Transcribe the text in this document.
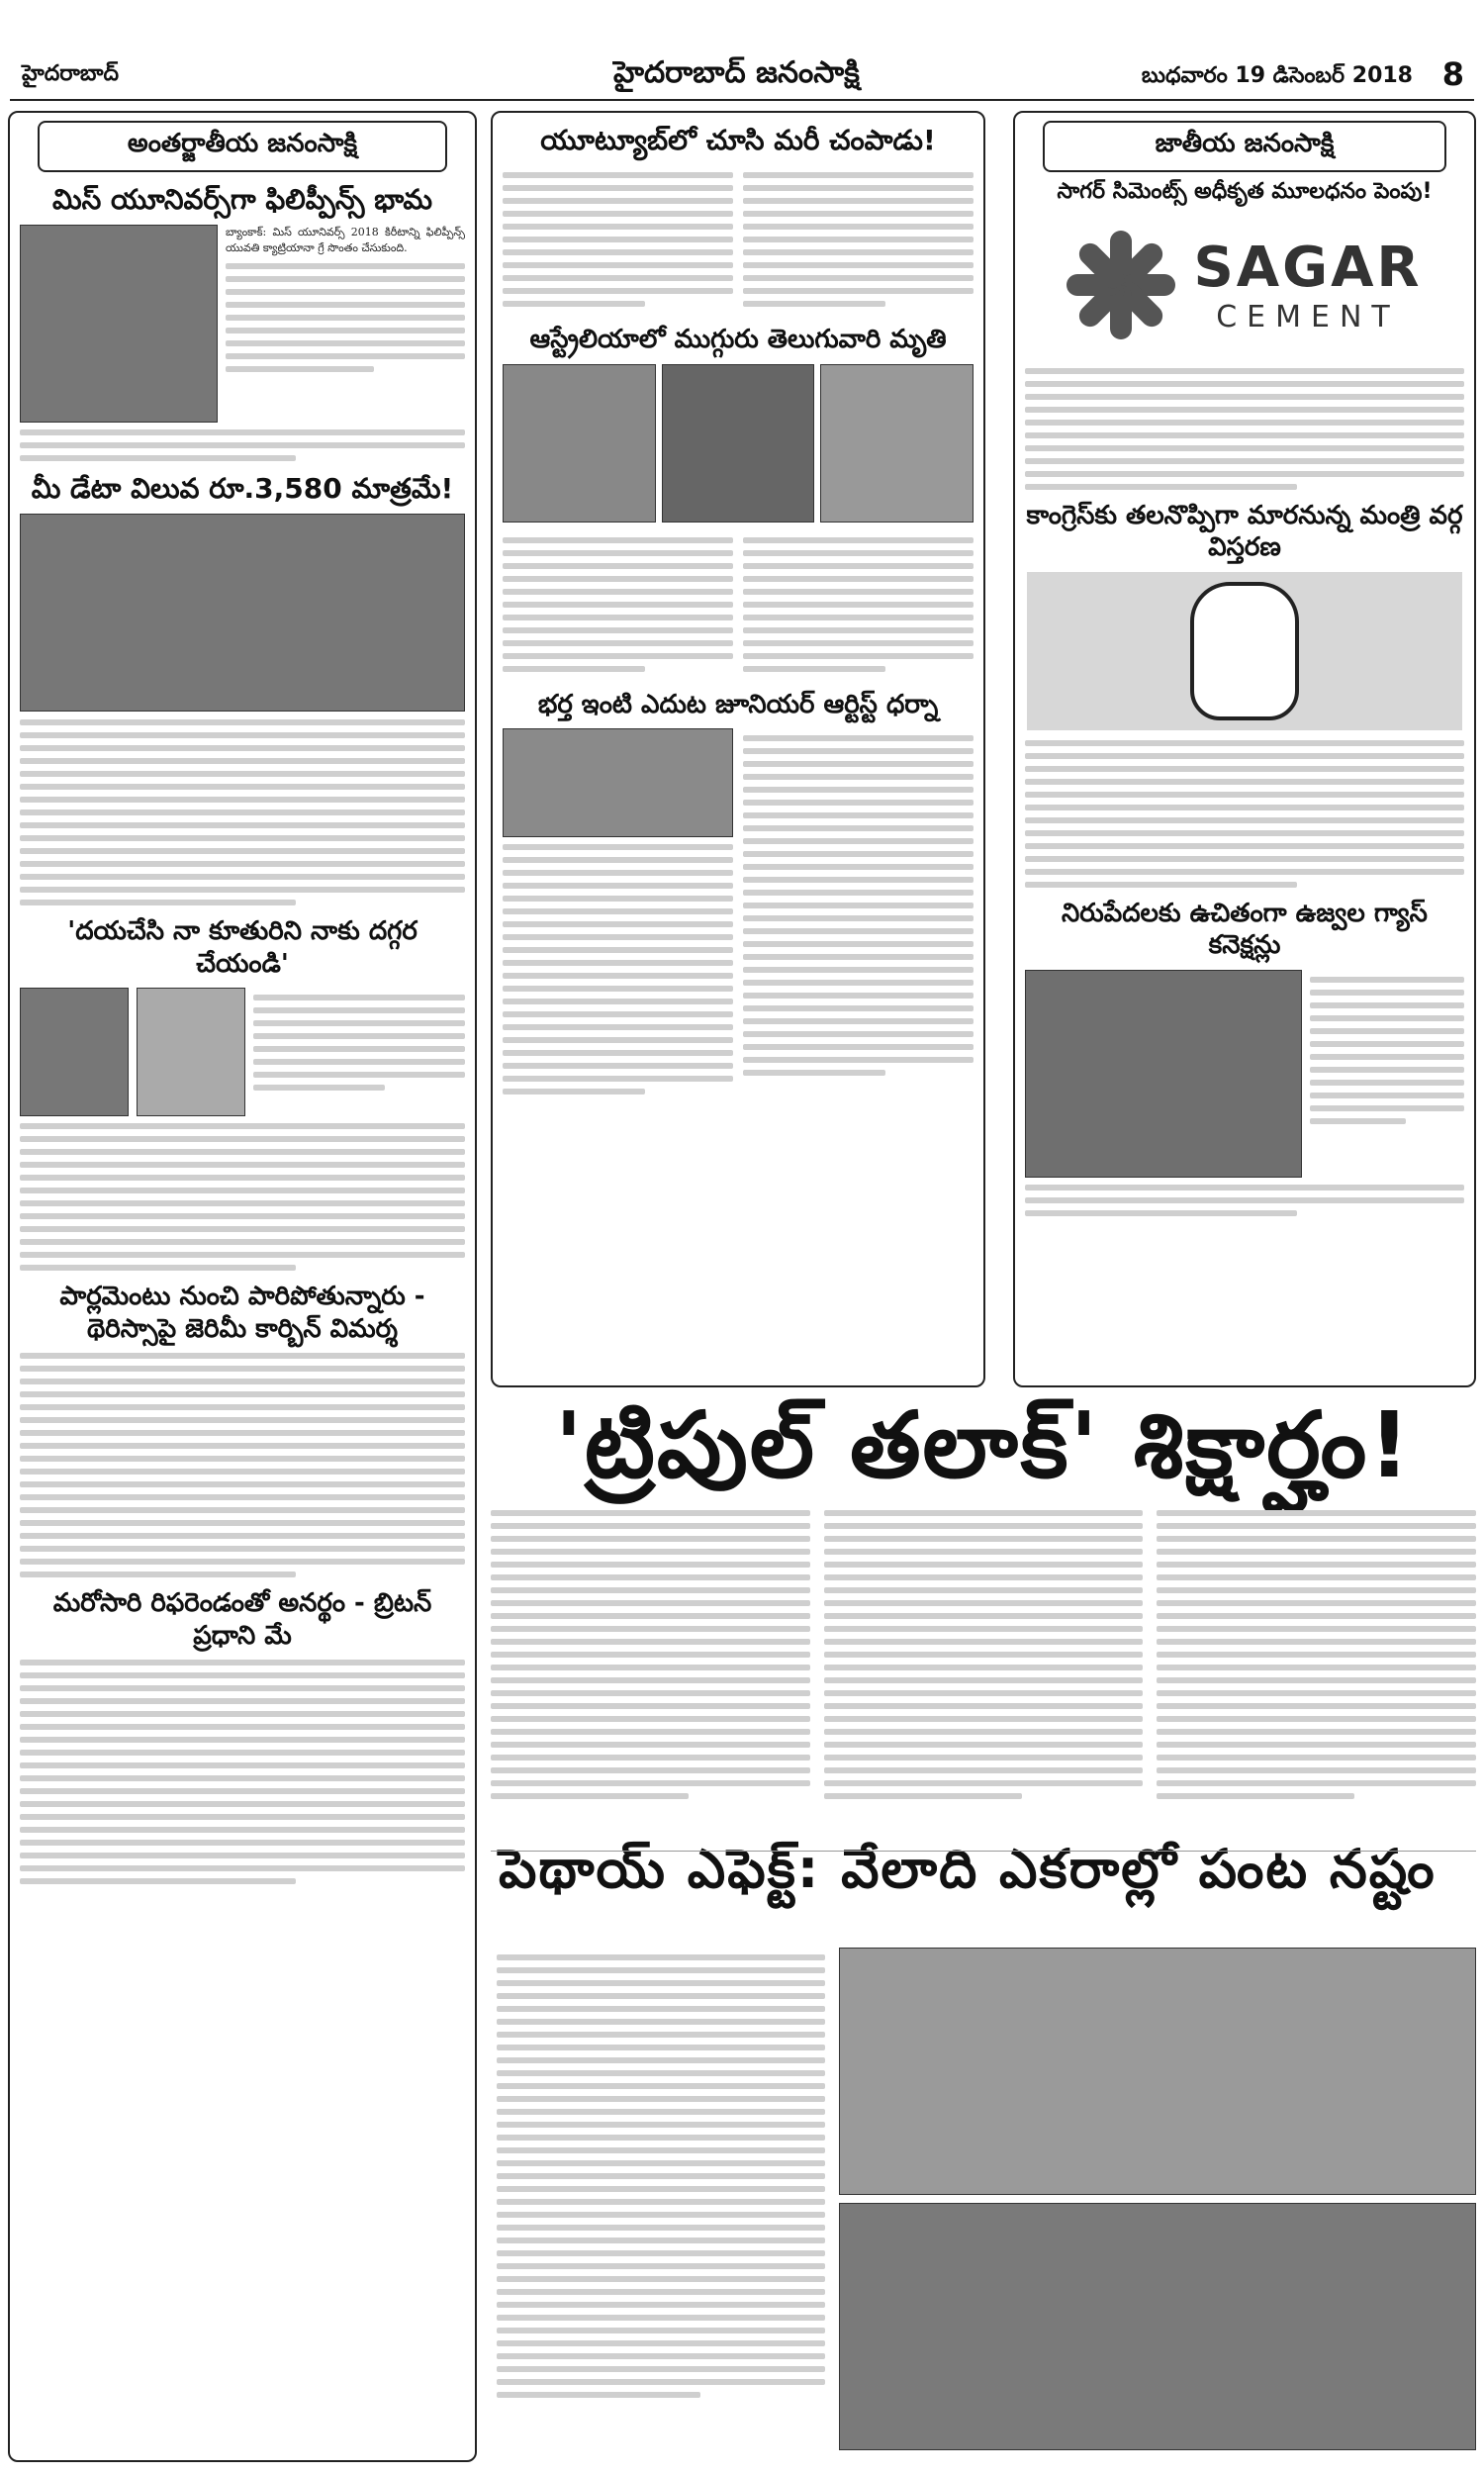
హైదరాబాద్	హైదరాబాద్ జనంసాక్షి	బుధవారం 19 డిసెంబర్ 2018 8
అంతర్జాతీయ జనంసాక్షి
మిస్ యూనివర్స్‌గా ఫిలిప్పీన్స్ భామ

బ్యాంకాక్: మిస్ యూనివర్స్ 2018 కిరీటాన్ని ఫిలిప్పీన్స్ యువతి క్యాట్రియానా గ్రే సొంతం చేసుకుంది.

మీ డేటా విలువ రూ.3,580 మాత్రమే!
'దయచేసి నా కూతురిని నాకు దగ్గర చేయండి'
పార్లమెంటు నుంచి పారిపోతున్నారు - థెరిస్సాపై జెరిమీ కార్బిన్ విమర్శ
మరోసారి రిఫరెండంతో అనర్థం - బ్రిటన్ ప్రధాని మే
యూట్యూబ్‌లో చూసి మరీ చంపాడు!
ఆస్ట్రేలియాలో ముగ్గురు తెలుగువారి మృతి
భర్త ఇంటి ఎదుట జూనియర్ ఆర్టిస్ట్ ధర్నా
జాతీయ జనంసాక్షి
సాగర్ సిమెంట్స్ అధీకృత మూలధనం పెంపు!
SAGAR
CEMENT
కాంగ్రెస్‌కు తలనొప్పిగా మారనున్న మంత్రి వర్గ విస్తరణ
నిరుపేదలకు ఉచితంగా ఉజ్వల గ్యాస్ కనెక్షన్లు
'ట్రిపుల్ తలాక్' శిక్షార్హం!
పెథాయ్ ఎఫెక్ట్: వేలాది ఎకరాల్లో పంట నష్టం
